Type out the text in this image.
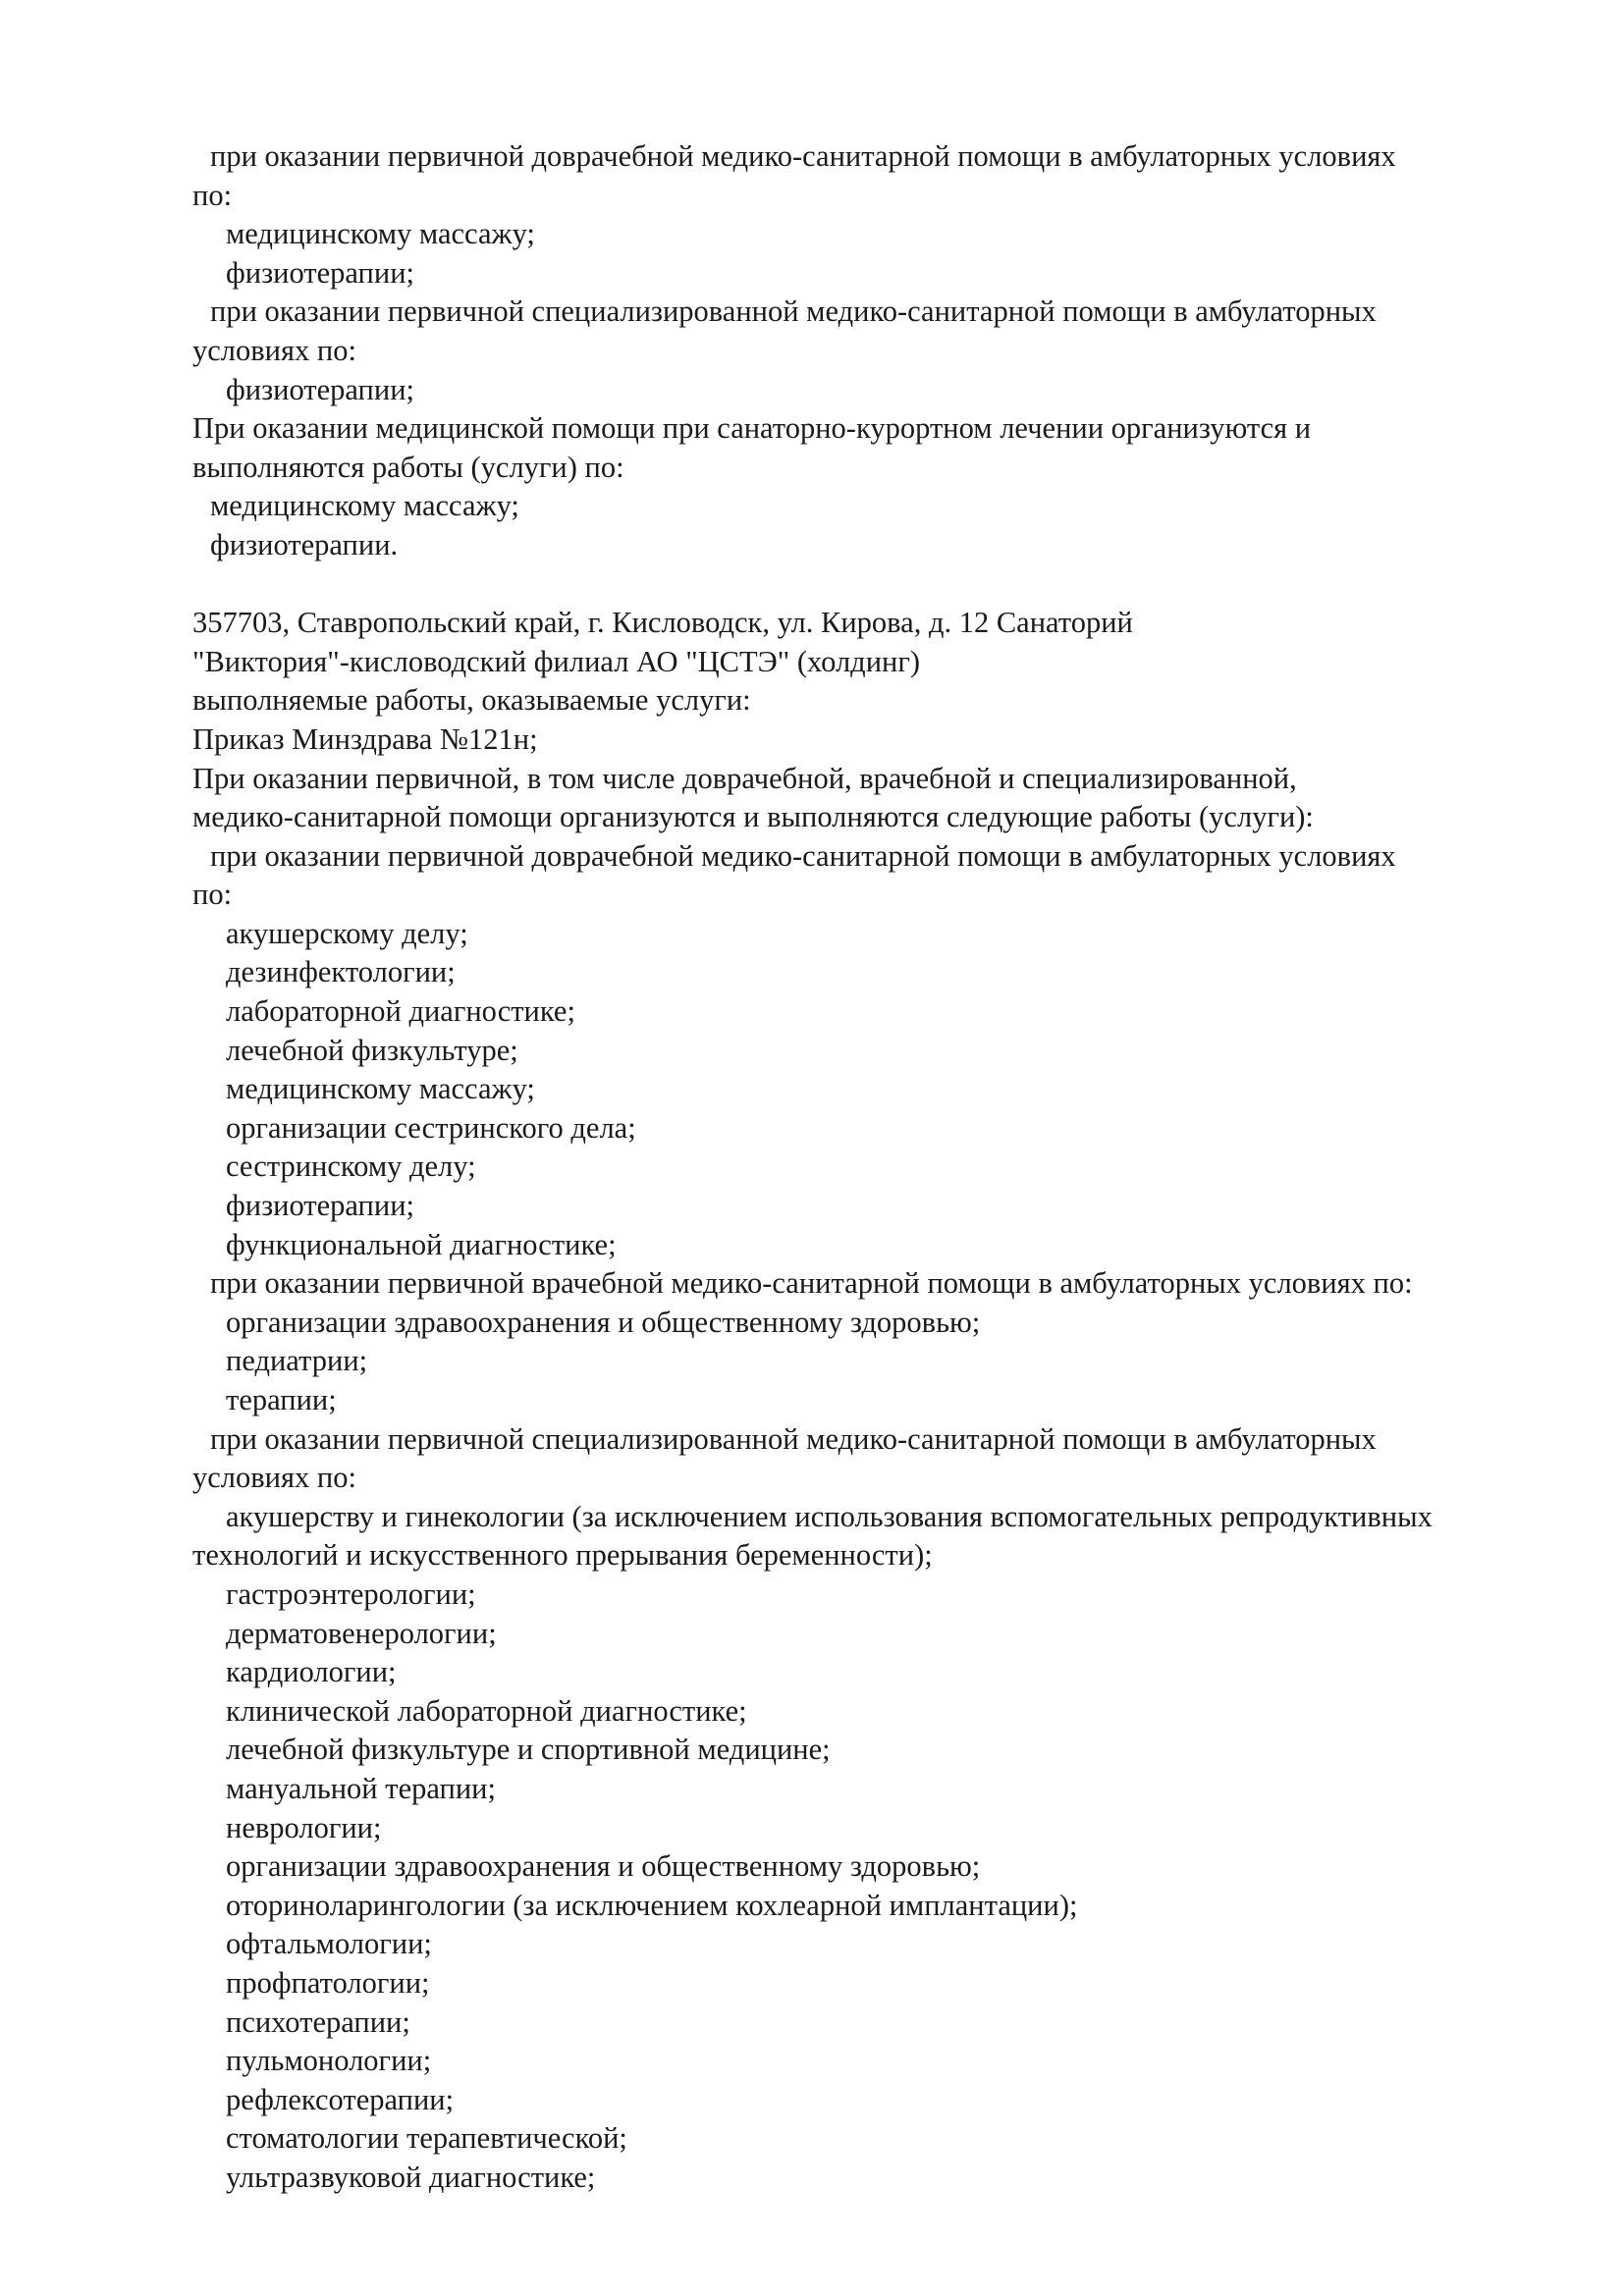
при оказании первичной доврачебной медико-санитарной помощи в амбулаторных условиях
по:
медицинскому массажу;
физиотерапии;
при оказании первичной специализированной медико-санитарной помощи в амбулаторных
условиях по:
физиотерапии;
При оказании медицинской помощи при санаторно-курортном лечении организуются и
выполняются работы (услуги) по:
медицинскому массажу;
физиотерапии.
357703, Ставропольский край, г. Кисловодск, ул. Кирова, д. 12 Санаторий
"Виктория"-кисловодский филиал АО "ЦСТЭ" (холдинг)
выполняемые работы, оказываемые услуги:
Приказ Минздрава №121н;
При оказании первичной, в том числе доврачебной, врачебной и специализированной,
медико-санитарной помощи организуются и выполняются следующие работы (услуги):
при оказании первичной доврачебной медико-санитарной помощи в амбулаторных условиях
по:
акушерскому делу;
дезинфектологии;
лабораторной диагностике;
лечебной физкультуре;
медицинскому массажу;
организации сестринского дела;
сестринскому делу;
физиотерапии;
функциональной диагностике;
при оказании первичной врачебной медико-санитарной помощи в амбулаторных условиях по:
организации здравоохранения и общественному здоровью;
педиатрии;
терапии;
при оказании первичной специализированной медико-санитарной помощи в амбулаторных
условиях по:
акушерству и гинекологии (за исключением использования вспомогательных репродуктивных
технологий и искусственного прерывания беременности);
гастроэнтерологии;
дерматовенерологии;
кардиологии;
клинической лабораторной диагностике;
лечебной физкультуре и спортивной медицине;
мануальной терапии;
неврологии;
организации здравоохранения и общественному здоровью;
оториноларингологии (за исключением кохлеарной имплантации);
офтальмологии;
профпатологии;
психотерапии;
пульмонологии;
рефлексотерапии;
стоматологии терапевтической;
ультразвуковой диагностике;
